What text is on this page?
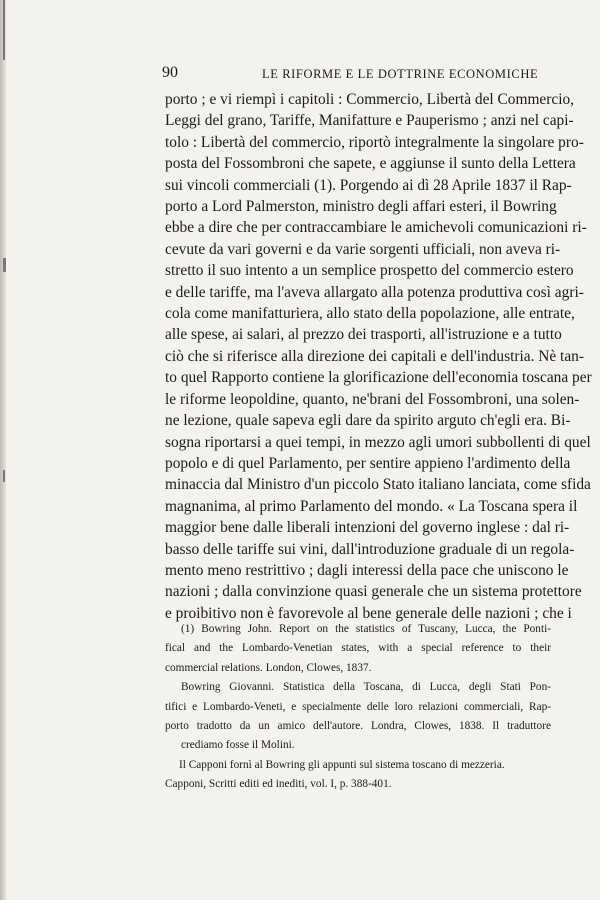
90	LE RIFORME E LE DOTTRINE ECONOMICHE
porto ; e vi riempì i capitoli : Commercio, Libertà del Commercio,
Leggi del grano, Tariffe, Manifatture e Pauperismo ; anzi nel capi-
tolo : Libertà del commercio, riportò integralmente la singolare pro-
posta del Fossombroni che sapete, e aggiunse il sunto della Lettera
sui vincoli commerciali (1). Porgendo ai dì 28 Aprile 1837 il Rap-
porto a Lord Palmerston, ministro degli affari esteri, il Bowring
ebbe a dire che per contraccambiare le amichevoli comunicazioni ri-
cevute da vari governi e da varie sorgenti ufficiali, non aveva ri-
stretto il suo intento a un semplice prospetto del commercio estero
e delle tariffe, ma l'aveva allargato alla potenza produttiva così agri-
cola come manifatturiera, allo stato della popolazione, alle entrate,
alle spese, ai salari, al prezzo dei trasporti, all'istruzione e a tutto
ciò che si riferisce alla direzione dei capitali e dell'industria. Nè tan-
to quel Rapporto contiene la glorificazione dell'economia toscana per
le riforme leopoldine, quanto, ne'brani del Fossombroni, una solen-
ne lezione, quale sapeva egli dare da spirito arguto ch'egli era. Bi-
sogna riportarsi a quei tempi, in mezzo agli umori subbollenti di quel
popolo e di quel Parlamento, per sentire appieno l'ardimento della
minaccia dal Ministro d'un piccolo Stato italiano lanciata, come sfida
magnanima, al primo Parlamento del mondo. « La Toscana spera il
maggior bene dalle liberali intenzioni del governo inglese : dal ri-
basso delle tariffe sui vini, dall'introduzione graduale di un regola-
mento meno restrittivo ; dagli interessi della pace che uniscono le
nazioni ; dalla convinzione quasi generale che un sistema protettore
e proibitivo non è favorevole al bene generale delle nazioni ; che i
(1) Bowring John. Report on the statistics of Tuscany, Lucca, the Ponti-
fical and the Lombardo-Venetian states, with a special reference to their
commercial relations. London, Clowes, 1837.
Bowring Giovanni. Statistica della Toscana, di Lucca, degli Stati Pon-
tifici e Lombardo-Veneti, e specialmente delle loro relazioni commerciali, Rap-
porto tradotto da un amico dell'autore. Londra, Clowes, 1838. Il traduttore
crediamo fosse il Molini.
Il Capponi fornì al Bowring gli appunti sul sistema toscano di mezzeria.
Capponi, Scritti editi ed inediti, vol. I, p. 388-401.
